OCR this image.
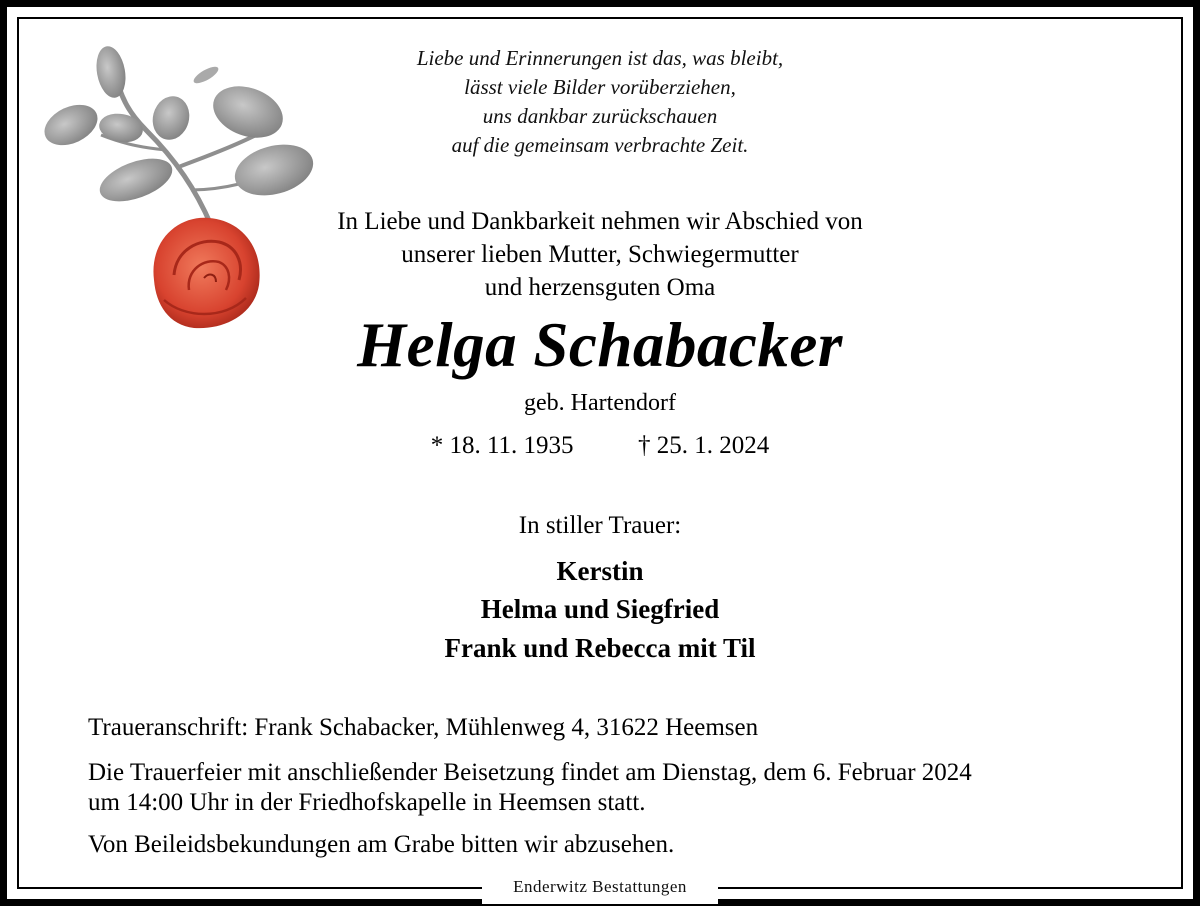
Liebe und Erinnerungen ist das, was bleibt,
lässt viele Bilder vorüberziehen,
uns dankbar zurückschauen
auf die gemeinsam verbrachte Zeit.
In Liebe und Dankbarkeit nehmen wir Abschied von
unserer lieben Mutter, Schwiegermutter
und herzensguten Oma
Helga Schabacker
geb. Hartendorf
* 18. 11. 1935	† 25. 1. 2024
In stiller Trauer:
Kerstin
Helma und Siegfried
Frank und Rebecca mit Til
Traueranschrift: Frank Schabacker, Mühlenweg 4, 31622 Heemsen
Die Trauerfeier mit anschließender Beisetzung findet am Dienstag, dem 6. Februar 2024
um 14:00 Uhr in der Friedhofskapelle in Heemsen statt.
Von Beileidsbekundungen am Grabe bitten wir abzusehen.
Enderwitz Bestattungen
